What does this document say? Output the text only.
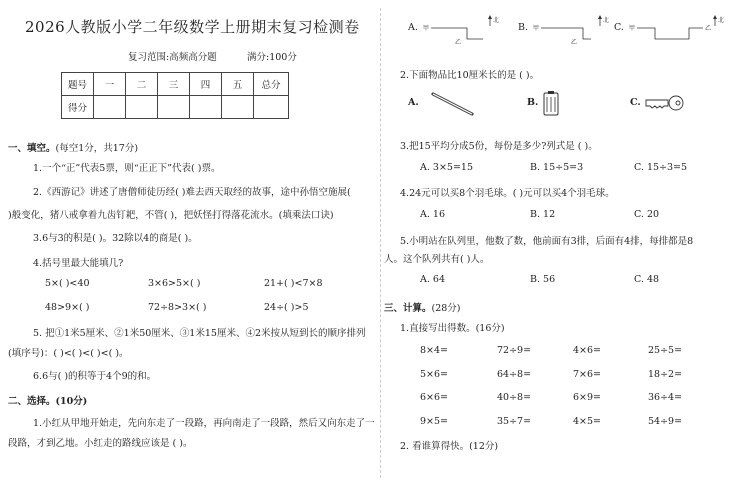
2026人教版小学二年级数学上册期末复习检测卷
复习范围:高频高分题	满分:100分
题号	一	二	三	四	五	总分
得分						
一、填空。(每空1分，共17分)
1.一个“正”代表5票，则“正正下”代表( )票。
2.《西游记》讲述了唐僧师徒历经( )难去西天取经的故事，途中孙悟空施展(
)般变化，猪八戒拿着九齿钉耙，不管( )，把妖怪打得落花流水。(填乘法口诀)
3.6与3的积是( )。32除以4的商是( )。
4.括号里最大能填几?
5×( )<40	3×6>5×( )	21+( )<7×8
48>9×( )	72÷8>3×( )	24÷( )>5
5. 把①1米5厘米、②1米50厘米、③1米15厘米、④2米按从短到长的顺序排列
(填序号)：( )<( )<( )<( )。
6.6与( )的积等于4个9的和。
二、选择。(10分)
1.小红从甲地开始走，先向东走了一段路，再向南走了一段路，然后又向东走了一
段路，才到乙地。小红走的路线应该是 ( )。
A. 甲
乙
北
B. 甲
乙
北
C. 甲	乙
北
2.下面物品比10厘米长的是 ( )。
A.	B.	C.
3.把15平均分成5份，每份是多少?列式是 ( )。
A. 3×5=15	B. 15÷5=3	C. 15÷3=5
4.24元可以买8个羽毛球。( )元可以买4个羽毛球。
A. 16	B. 12	C. 20
5.小明站在队列里，他数了数，他前面有3排，后面有4排，每排都是8
人。这个队列共有( )人。
A. 64	B. 56	C. 48
三、计算。(28分)
1.直接写出得数。(16分)
8×4=	72÷9=	4×6=	25÷5=
5×6=	64÷8=	7×6=	18÷2=
6×6=	40÷8=	6×9=	36÷4=
9×5=	35÷7=	4×5=	54÷9=
2. 看谁算得快。(12分)
